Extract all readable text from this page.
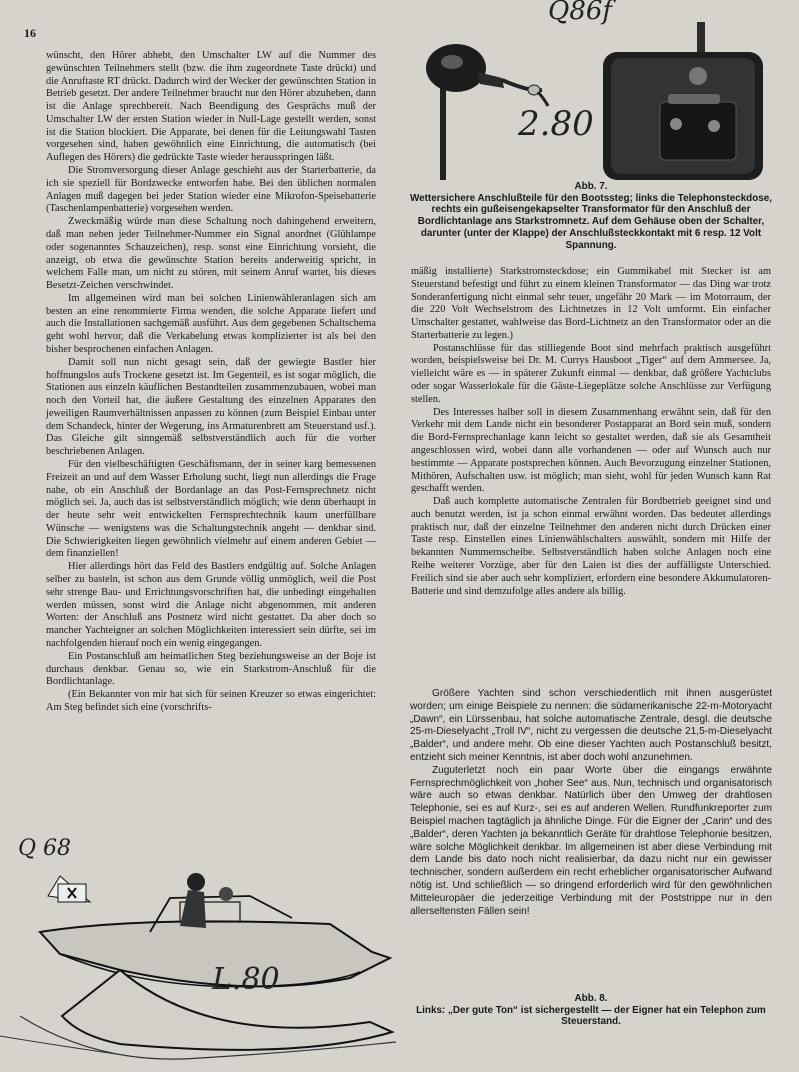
16
Q86f
2.80
Abb. 7.
Wettersichere Anschlußteile für den Bootssteg; links die Telephonsteckdose, rechts ein gußeisengekapselter Transformator für den Anschluß der Bordlichtanlage ans Starkstromnetz. Auf dem Gehäuse oben der Schalter, darunter (unter der Klappe) der Anschlußsteckkontakt mit 6 resp. 12 Volt Spannung.

wünscht, den Hörer abhebt, den Umschalter LW auf die Nummer des gewünschten Teilnehmers stellt (bzw. die ihm zugeordnete Taste drückt) und die Anruftaste RT drückt. Dadurch wird der Wecker der gewünschten Station in Betrieb gesetzt. Der andere Teilnehmer braucht nur den Hörer abzuheben, dann ist die Anlage sprechbereit. Nach Beendigung des Gesprächs muß der Umschalter LW der ersten Station wieder in Null-Lage gestellt werden, sonst ist die Station blockiert. Die Apparate, bei denen für die Leitungswahl Tasten vorgesehen sind, haben gewöhnlich eine Einrichtung, die automatisch (bei Auflegen des Hörers) die gedrückte Taste wieder herausspringen läßt.

Die Stromversorgung dieser Anlage geschieht aus der Starterbatterie, da ich sie speziell für Bordzwecke entworfen habe. Bei den üblichen normalen Anlagen muß dagegen bei jeder Station wieder eine Mikrofon-Speisebatterie (Taschenlampenbatterie) vorgesehen werden.

Zweckmäßig würde man diese Schaltung noch dahingehend erweitern, daß man neben jeder Teilnehmer-Nummer ein Signal anordnet (Glühlampe oder sogenanntes Schauzeichen), resp. sonst eine Einrichtung vorsieht, die anzeigt, ob etwa die gewünschte Station bereits anderweitig spricht, in welchem Falle man, um nicht zu stören, mit seinem Anruf wartet, bis dieses Besetzt-Zeichen verschwindet.

Im allgemeinen wird man bei solchen Linienwähleranlagen sich am besten an eine renommierte Firma wenden, die solche Apparate liefert und auch die Installationen sachgemäß ausführt. Aus dem gegebenen Schaltschema geht wohl hervor, daß die Verkabelung etwas komplizierter ist als bei den bisher besprochenen einfachen Anlagen.

Damit soll nun nicht gesagt sein, daß der gewiegte Bastler hier hoffnungslos aufs Trockene gesetzt ist. Im Gegenteil, es ist sogar möglich, die Stationen aus einzeln käuflichen Bestandteilen zusammenzubauen, wobei man noch den Vorteil hat, die äußere Gestaltung des einzelnen Apparates den jeweiligen Raumverhältnissen anpassen zu können (zum Beispiel Einbau unter dem Schandeck, hinter der Wegerung, ins Armaturenbrett am Steuerstand usf.). Das Gleiche gilt sinngemäß selbstverständlich auch für die vorher beschriebenen Anlagen.

Für den vielbeschäftigten Geschäftsmann, der in seiner karg bemessenen Freizeit an und auf dem Wasser Erholung sucht, liegt nun allerdings die Frage nahe, ob ein Anschluß der Bordanlage an das Post-Fernsprechnetz nicht möglich sei. Ja, auch das ist selbstverständlich möglich; wie denn überhaupt in der heute sehr weit entwickelten Fernsprechtechnik kaum unerfüllbare Wünsche — wenigstens was die Schaltungstechnik angeht — denkbar sind. Die Schwierigkeiten liegen gewöhnlich vielmehr auf einem anderen Gebiet — dem finanziellen!

Hier allerdings hört das Feld des Bastlers endgültig auf. Solche Anlagen selber zu basteln, ist schon aus dem Grunde völlig unmöglich, weil die Post sehr strenge Bau- und Errichtungsvorschriften hat, die unbedingt eingehalten werden müssen, sonst wird die Anlage nicht abgenommen, mit anderen Worten: der Anschluß ans Postnetz wird nicht gestattet. Da aber doch so mancher Yachteigner an solchen Möglichkeiten interessiert sein dürfte, sei im nachfolgenden hierauf noch ein wenig eingegangen.

Ein Postanschluß am heimatlichen Steg beziehungsweise an der Boje ist durchaus denkbar. Genau so, wie ein Starkstrom-Anschluß für die Bordlichtanlage.

(Ein Bekannter von mir hat sich für seinen Kreuzer so etwas eingerichtet: Am Steg befindet sich eine (vorschrifts-

mäßig installierte) Starkstromsteckdose; ein Gummikabel mit Stecker ist am Steuerstand befestigt und führt zu einem kleinen Transformator — das Ding war trotz Sonderanfertigung nicht einmal sehr teuer, ungefähr 20 Mark — im Motorraum, der die 220 Volt Wechselstrom des Lichtnetzes in 12 Volt umformt. Ein einfacher Umschalter gestattet, wahlweise das Bord-Lichtnetz an den Transformator oder an die Starterbatterie zu legen.)

Postanschlüsse für das stilliegende Boot sind mehrfach praktisch ausgeführt worden, beispielsweise bei Dr. M. Currys Hausboot „Tiger“ auf dem Ammersee. Ja, vielleicht wäre es — in späterer Zukunft einmal — denkbar, daß größere Yachtclubs oder sogar Wasserlokale für die Gäste-Liegeplätze solche Anschlüsse zur Verfügung stellen.

Des Interesses halber soll in diesem Zusammenhang erwähnt sein, daß für den Verkehr mit dem Lande nicht ein besonderer Postapparat an Bord sein muß, sondern die Bord-Fernsprechanlage kann leicht so gestaltet werden, daß sie als Gesamtheit angeschlossen wird, wobei dann alle vorhandenen — oder auf Wunsch auch nur bestimmte — Apparate postsprechen können. Auch Bevorzugung einzelner Stationen, Mithören, Aufschalten usw. ist möglich; man sieht, wohl für jeden Wunsch kann Rat geschafft werden.

Daß auch komplette automatische Zentralen für Bordbetrieb geeignet sind und auch benutzt werden, ist ja schon einmal erwähnt worden. Das bedeutet allerdings praktisch nur, daß der einzelne Teilnehmer den anderen nicht durch Drücken einer Taste resp. Einstellen eines Linienwählschalters auswählt, sondern mit Hilfe der bekannten Nummernscheibe. Selbstverständlich haben solche Anlagen noch eine Reihe weiterer Vorzüge, aber für den Laien ist dies der auffälligste Unterschied. Freilich sind sie aber auch sehr kompliziert, erfordern eine besondere Akkumulatoren-Batterie und sind demzufolge alles andere als billig.

Größere Yachten sind schon verschiedentlich mit ihnen ausgerüstet worden; um einige Beispiele zu nennen: die südamerikanische 22-m-Motoryacht „Dawn“, ein Lürssenbau, hat solche automatische Zentrale, desgl. die deutsche 25-m-Dieselyacht „Troll IV“, nicht zu vergessen die deutsche 21,5-m-Dieselyacht „Balder“, und andere mehr. Ob eine dieser Yachten auch Postanschluß besitzt, entzieht sich meiner Kenntnis, ist aber doch wohl anzunehmen.

Zuguterletzt noch ein paar Worte über die eingangs erwähnte Fernsprechmöglichkeit von „hoher See“ aus. Nun, technisch und organisatorisch wäre auch so etwas denkbar. Natürlich über den Umweg der drahtlosen Telephonie, sei es auf Kurz-, sei es auf anderen Wellen. Rundfunkreporter zum Beispiel machen tagtäglich ja ähnliche Dinge. Für die Eigner der „Carin“ und des „Balder“, deren Yachten ja bekanntlich Geräte für drahtlose Telephonie besitzen, wäre solche Möglichkeit denkbar. Im allgemeinen ist aber diese Verbindung mit dem Lande bis dato noch nicht realisierbar, da dazu nicht nur ein gewisser technischer, sondern außerdem ein recht erheblicher organisatorischer Aufwand nötig ist. Und schließlich — so dringend erforderlich wird für den gewöhnlichen Mitteleuropäer die jederzeitige Verbindung mit der Poststrippe nur in den allerseltensten Fällen sein!

Q 68
L.80
Abb. 8.
Links: „Der gute Ton“ ist sichergestellt — der Eigner hat ein Telephon zum Steuerstand.
